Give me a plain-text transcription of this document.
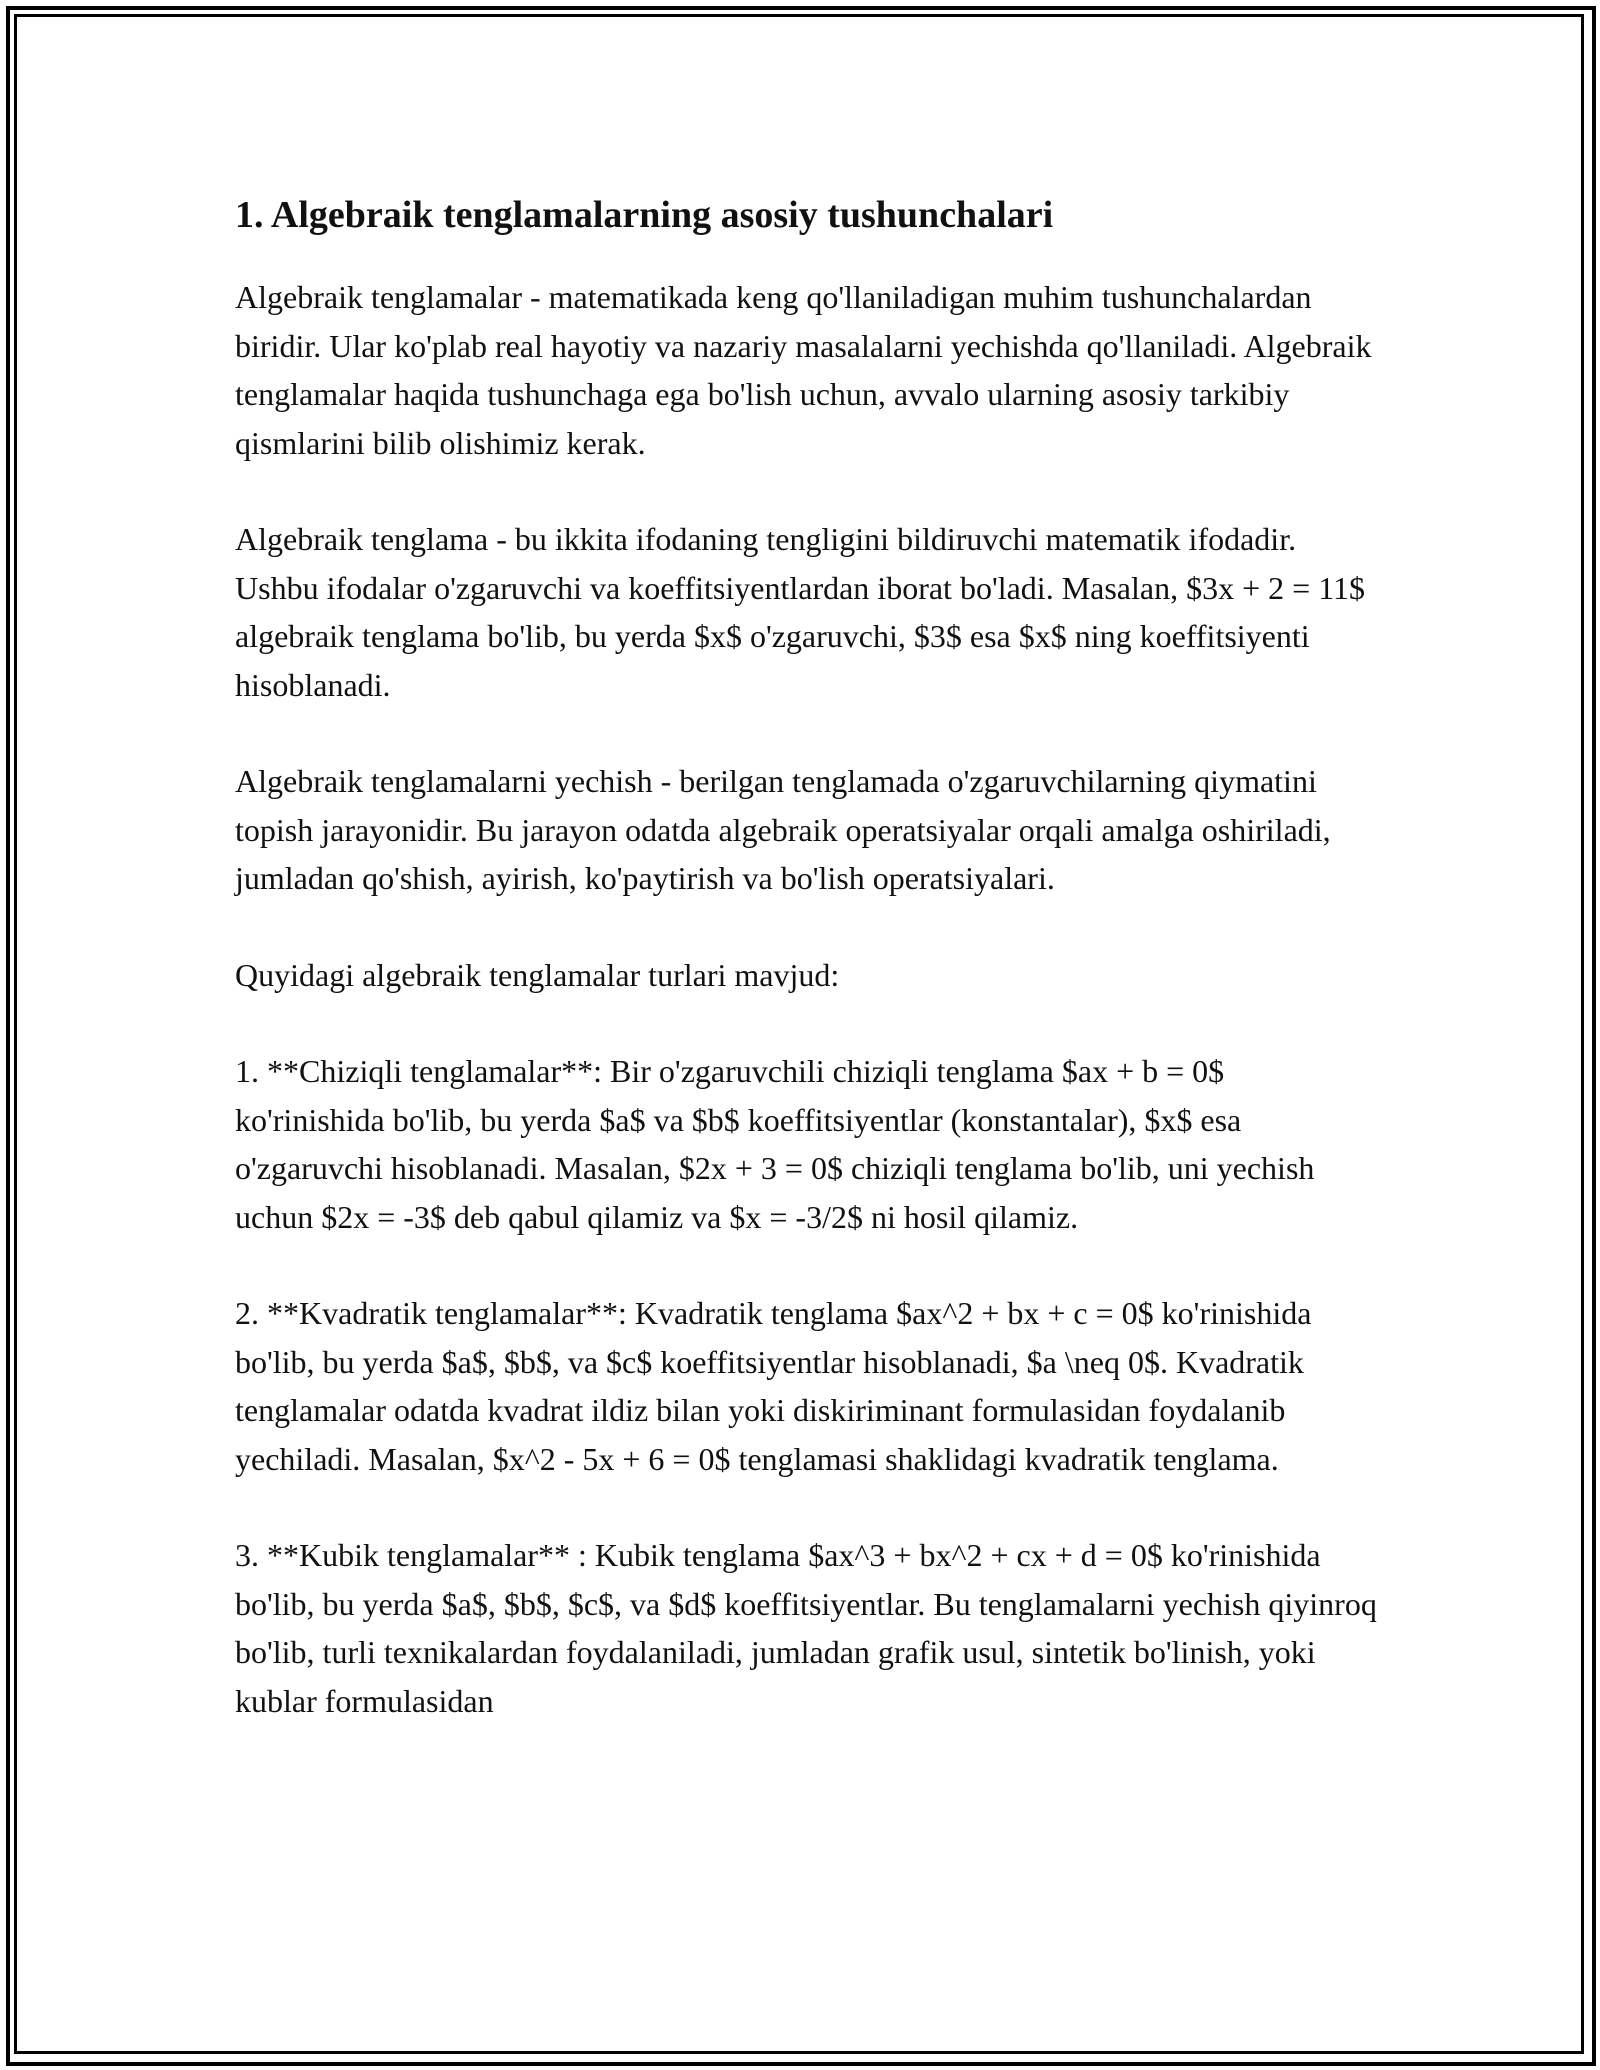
1. Algebraik tenglamalarning asosiy tushunchalari

Algebraik tenglamalar - matematikada keng qo'llaniladigan muhim tushunchalardan biridir. Ular ko'plab real hayotiy va nazariy masalalarni yechishda qo'llaniladi. Algebraik tenglamalar haqida tushunchaga ega bo'lish uchun, avvalo ularning asosiy tarkibiy qismlarini bilib olishimiz kerak.

Algebraik tenglama - bu ikkita ifodaning tengligini bildiruvchi matematik ifodadir. Ushbu ifodalar o'zgaruvchi va koeffitsiyentlardan iborat bo'ladi. Masalan, $3x + 2 = 11$ algebraik tenglama bo'lib, bu yerda $x$ o'zgaruvchi, $3$ esa $x$ ning koeffitsiyenti hisoblanadi.

Algebraik tenglamalarni yechish - berilgan tenglamada o'zgaruvchilarning qiymatini topish jarayonidir. Bu jarayon odatda algebraik operatsiyalar orqali amalga oshiriladi, jumladan qo'shish, ayirish, ko'paytirish va bo'lish operatsiyalari.

Quyidagi algebraik tenglamalar turlari mavjud:

1. **Chiziqli tenglamalar**: Bir o'zgaruvchili chiziqli tenglama $ax + b = 0$ ko'rinishida bo'lib, bu yerda $a$ va $b$ koeffitsiyentlar (konstantalar), $x$ esa o'zgaruvchi hisoblanadi. Masalan, $2x + 3 = 0$ chiziqli tenglama bo'lib, uni yechish uchun $2x = -3$ deb qabul qilamiz va $x = -3/2$ ni hosil qilamiz.

2. **Kvadratik tenglamalar**: Kvadratik tenglama $ax^2 + bx + c = 0$ ko'rinishida bo'lib, bu yerda $a$, $b$, va $c$ koeffitsiyentlar hisoblanadi, $a \neq 0$. Kvadratik tenglamalar odatda kvadrat ildiz bilan yoki diskiriminant formulasidan foydalanib yechiladi. Masalan, $x^2 - 5x + 6 = 0$ tenglamasi shaklidagi kvadratik tenglama.

3. **Kubik tenglamalar** : Kubik tenglama $ax^3 + bx^2 + cx + d = 0$ ko'rinishida bo'lib, bu yerda $a$, $b$, $c$, va $d$ koeffitsiyentlar. Bu tenglamalarni yechish qiyinroq bo'lib, turli texnikalardan foydalaniladi, jumladan grafik usul, sintetik bo'linish, yoki kublar formulasidan
